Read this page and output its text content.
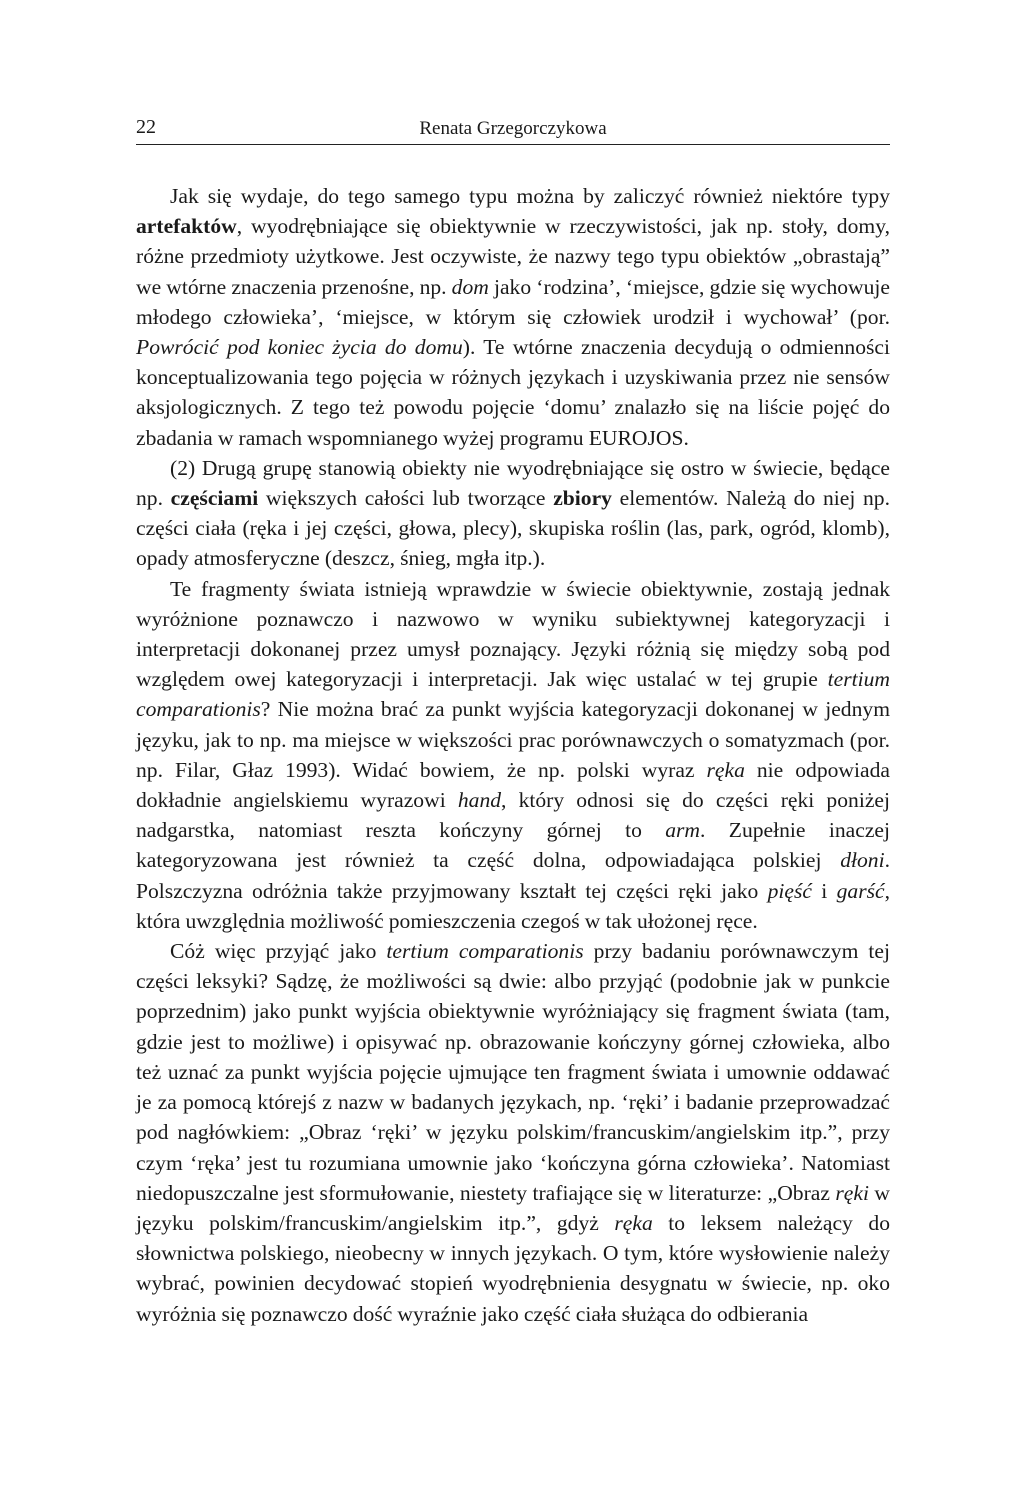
22	Renata Grzegorczykowa

Jak się wydaje, do tego samego typu można by zaliczyć również niektóre typy artefaktów, wyodrębniające się obiektywnie w rzeczywistości, jak np. stoły, domy, różne przedmioty użytkowe. Jest oczywiste, że nazwy tego typu obiektów „obrastają” we wtórne znaczenia przenośne, np. dom jako ‘rodzina’, ‘miejsce, gdzie się wychowuje młodego człowieka’, ‘miejsce, w którym się człowiek urodził i wychował’ (por. Powrócić pod koniec życia do domu). Te wtórne znaczenia decydują o odmienności konceptualizowania tego pojęcia w różnych językach i uzyskiwania przez nie sensów aksjologicznych. Z tego też powodu pojęcie ‘domu’ znalazło się na liście pojęć do zbadania w ramach wspomnianego wyżej programu EUROJOS.

(2) Drugą grupę stanowią obiekty nie wyodrębniające się ostro w świecie, będące np. częściami większych całości lub tworzące zbiory elementów. Należą do niej np. części ciała (ręka i jej części, głowa, plecy), skupiska roślin (las, park, ogród, klomb), opady atmosferyczne (deszcz, śnieg, mgła itp.).

Te fragmenty świata istnieją wprawdzie w świecie obiektywnie, zostają jednak wyróżnione poznawczo i nazwowo w wyniku subiektywnej kategoryzacji i interpretacji dokonanej przez umysł poznający. Języki różnią się między sobą pod względem owej kategoryzacji i interpretacji. Jak więc ustalać w tej grupie tertium comparationis? Nie można brać za punkt wyjścia kategoryzacji dokonanej w jednym języku, jak to np. ma miejsce w większości prac porównawczych o somatyzmach (por. np. Filar, Głaz 1993). Widać bowiem, że np. polski wyraz ręka nie odpowiada dokładnie angielskiemu wyrazowi hand, który odnosi się do części ręki poniżej nadgarstka, natomiast reszta kończyny górnej to arm. Zupełnie inaczej kategoryzowana jest również ta część dolna, odpowiadająca polskiej dłoni. Polszczyzna odróżnia także przyjmowany kształt tej części ręki jako pięść i garść, która uwzględnia możliwość pomieszczenia czegoś w tak ułożonej ręce.

Cóż więc przyjąć jako tertium comparationis przy badaniu porównawczym tej części leksyki? Sądzę, że możliwości są dwie: albo przyjąć (podobnie jak w punkcie poprzednim) jako punkt wyjścia obiektywnie wyróżniający się fragment świata (tam, gdzie jest to możliwe) i opisywać np. obrazowanie kończyny górnej człowieka, albo też uznać za punkt wyjścia pojęcie ujmujące ten fragment świata i umownie oddawać je za pomocą którejś z nazw w badanych językach, np. ‘ręki’ i badanie przeprowadzać pod nagłówkiem: „Obraz ‘ręki’ w języku polskim/francuskim/angielskim itp.”, przy czym ‘ręka’ jest tu rozumiana umownie jako ‘kończyna górna człowieka’. Natomiast niedopuszczalne jest sformułowanie, niestety trafiające się w literaturze: „Obraz ręki w języku polskim/francuskim/angielskim itp.”, gdyż ręka to leksem należący do słownictwa polskiego, nieobecny w innych językach. O tym, które wysłowienie należy wybrać, powinien decydować stopień wyodrębnienia desygnatu w świecie, np. oko wyróżnia się poznawczo dość wyraźnie jako część ciała służąca do odbierania
